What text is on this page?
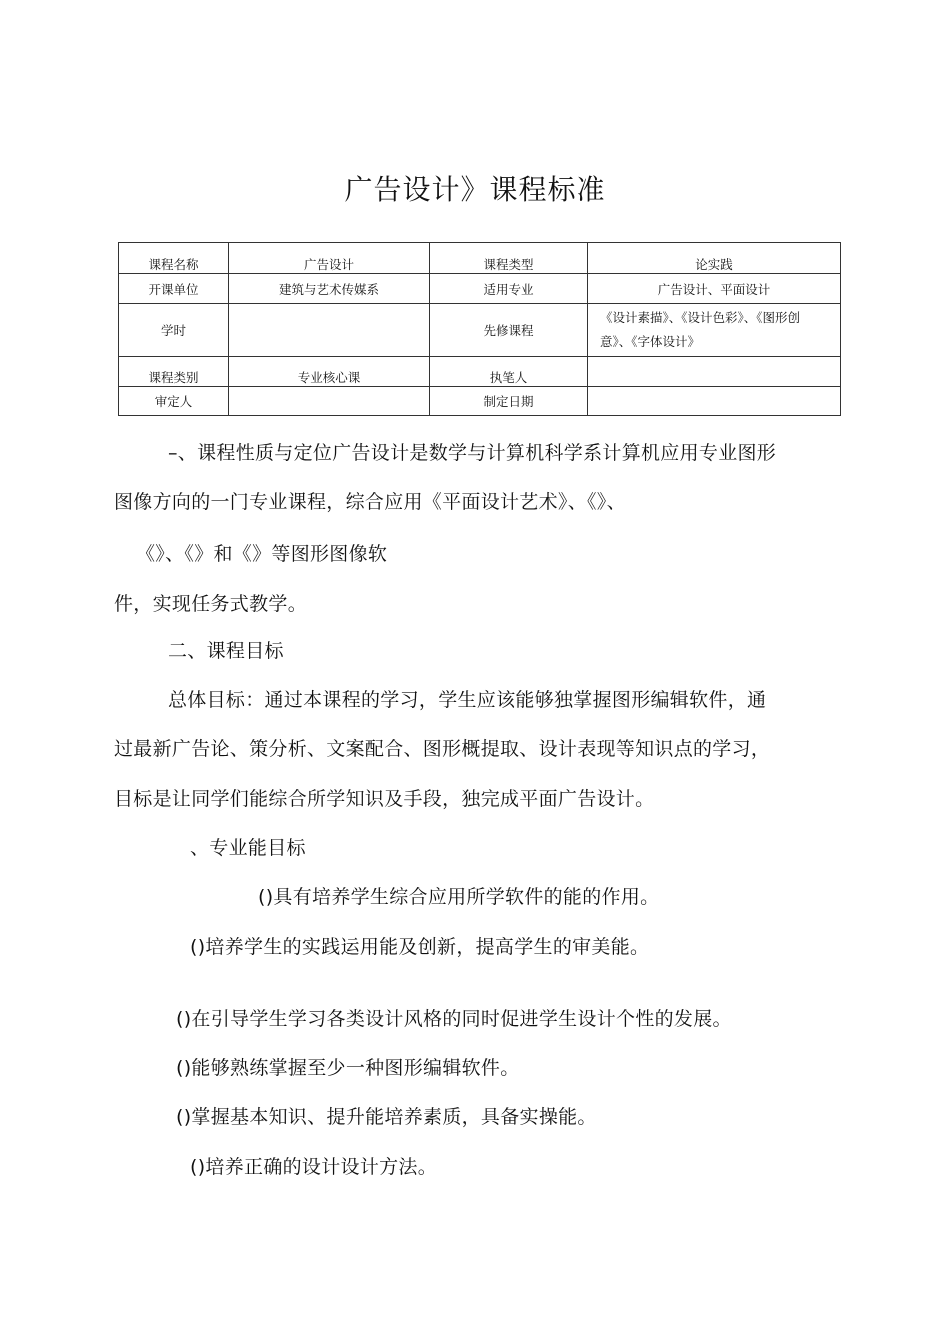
广告设计》课程标准
课程名称	广告设计	课程类型	论实践
开课单位	建筑与艺术传媒系	适用专业	广告设计、平面设计
学时		先修课程	《设计素描》、《设计色彩》、《图形创意》、《字体设计》
课程类别	专业核心课	执笔人	
审定人		制定日期	
–、课程性质与定位广告设计是数学与计算机科学系计算机应用专业图形
图像方向的一门专业课程，综合应用《平面设计艺术》、《》、
《》、《》和《》等图形图像软
件，实现任务式教学。
二、课程目标
总体目标：通过本课程的学习，学生应该能够独掌握图形编辑软件，通
过最新广告论、策分析、文案配合、图形概提取、设计表现等知识点的学习，
目标是让同学们能综合所学知识及手段，独完成平面广告设计。
、专业能目标
()具有培养学生综合应用所学软件的能的作用。
()培养学生的实践运用能及创新，提高学生的审美能。
()在引导学生学习各类设计风格的同时促进学生设计个性的发展。
()能够熟练掌握至少一种图形编辑软件。
()掌握基本知识、提升能培养素质，具备实操能。
()培养正确的设计设计方法。
